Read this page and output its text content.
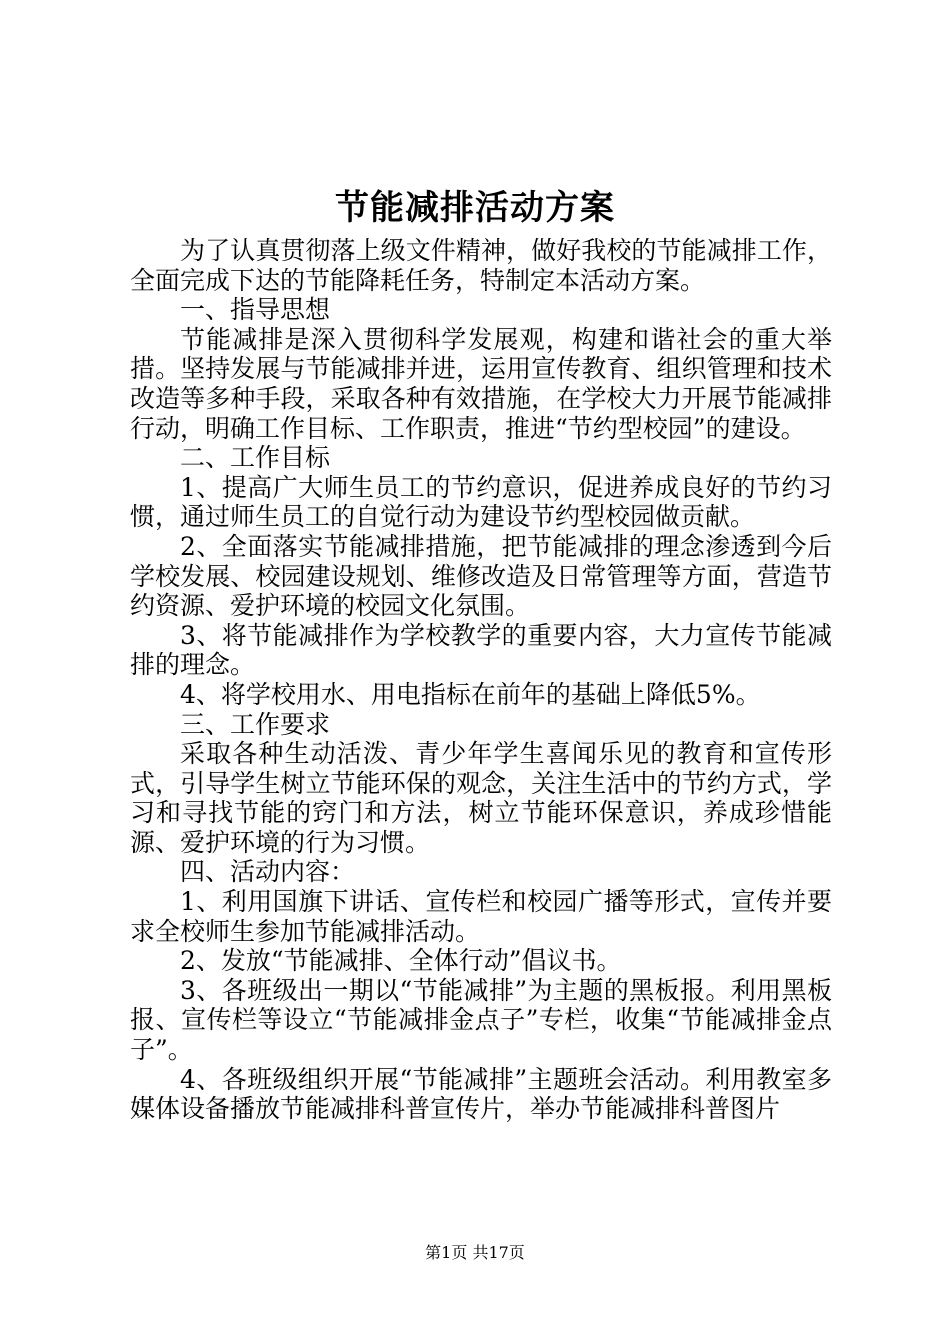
节能减排活动方案

为了认真贯彻落上级文件精神，做好我校的节能减排工作，全面完成下达的节能降耗任务，特制定本活动方案。

一、指导思想

节能减排是深入贯彻科学发展观，构建和谐社会的重大举措。坚持发展与节能减排并进，运用宣传教育、组织管理和技术改造等多种手段，采取各种有效措施，在学校大力开展节能减排行动，明确工作目标、工作职责，推进“节约型校园”的建设。

二、工作目标

1、提高广大师生员工的节约意识，促进养成良好的节约习惯，通过师生员工的自觉行动为建设节约型校园做贡献。

2、全面落实节能减排措施，把节能减排的理念渗透到今后学校发展、校园建设规划、维修改造及日常管理等方面，营造节约资源、爱护环境的校园文化氛围。

3、将节能减排作为学校教学的重要内容，大力宣传节能减排的理念。

4、将学校用水、用电指标在前年的基础上降低5%。

三、工作要求

采取各种生动活泼、青少年学生喜闻乐见的教育和宣传形式，引导学生树立节能环保的观念，关注生活中的节约方式，学习和寻找节能的窍门和方法，树立节能环保意识，养成珍惜能源、爱护环境的行为习惯。

四、活动内容：

1、利用国旗下讲话、宣传栏和校园广播等形式，宣传并要求全校师生参加节能减排活动。

2、发放“节能减排、全体行动”倡议书。

3、各班级出一期以“节能减排”为主题的黑板报。利用黑板报、宣传栏等设立“节能减排金点子”专栏，收集“节能减排金点子”。

4、各班级组织开展“节能减排”主题班会活动。利用教室多媒体设备播放节能减排科普宣传片，举办节能减排科普图片

第1页 共17页
